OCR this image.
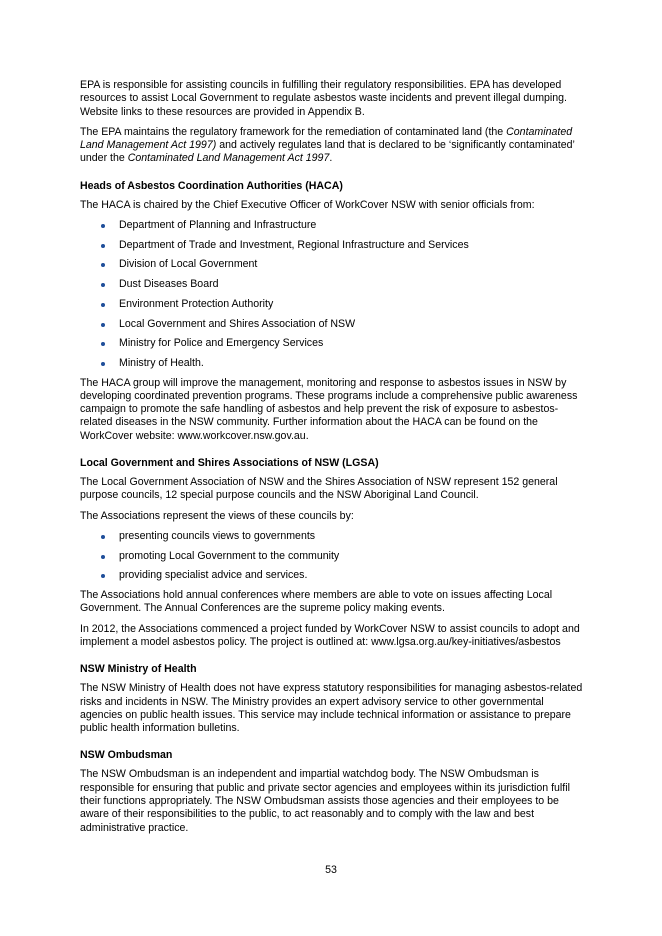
EPA is responsible for assisting councils in fulfilling their regulatory responsibilities. EPA has developed resources to assist Local Government to regulate asbestos waste incidents and prevent illegal dumping. Website links to these resources are provided in Appendix B.

The EPA maintains the regulatory framework for the remediation of contaminated land (the Contaminated Land Management Act 1997) and actively regulates land that is declared to be ‘significantly contaminated’ under the Contaminated Land Management Act 1997.

Heads of Asbestos Coordination Authorities (HACA)

The HACA is chaired by the Chief Executive Officer of WorkCover NSW with senior officials from:

Department of Planning and Infrastructure
Department of Trade and Investment, Regional Infrastructure and Services
Division of Local Government
Dust Diseases Board
Environment Protection Authority
Local Government and Shires Association of NSW
Ministry for Police and Emergency Services
Ministry of Health.

The HACA group will improve the management, monitoring and response to asbestos issues in NSW by developing coordinated prevention programs. These programs include a comprehensive public awareness campaign to promote the safe handling of asbestos and help prevent the risk of exposure to asbestos-related diseases in the NSW community. Further information about the HACA can be found on the WorkCover website: www.workcover.nsw.gov.au.

Local Government and Shires Associations of NSW (LGSA)

The Local Government Association of NSW and the Shires Association of NSW represent 152 general purpose councils, 12 special purpose councils and the NSW Aboriginal Land Council.

The Associations represent the views of these councils by:

presenting councils views to governments
promoting Local Government to the community
providing specialist advice and services.

The Associations hold annual conferences where members are able to vote on issues affecting Local Government. The Annual Conferences are the supreme policy making events.

In 2012, the Associations commenced a project funded by WorkCover NSW to assist councils to adopt and implement a model asbestos policy. The project is outlined at: www.lgsa.org.au/key-initiatives/asbestos

NSW Ministry of Health

The NSW Ministry of Health does not have express statutory responsibilities for managing asbestos-related risks and incidents in NSW. The Ministry provides an expert advisory service to other governmental agencies on public health issues. This service may include technical information or assistance to prepare public health information bulletins.

NSW Ombudsman

The NSW Ombudsman is an independent and impartial watchdog body. The NSW Ombudsman is responsible for ensuring that public and private sector agencies and employees within its jurisdiction fulfil their functions appropriately. The NSW Ombudsman assists those agencies and their employees to be aware of their responsibilities to the public, to act reasonably and to comply with the law and best administrative practice.

53
